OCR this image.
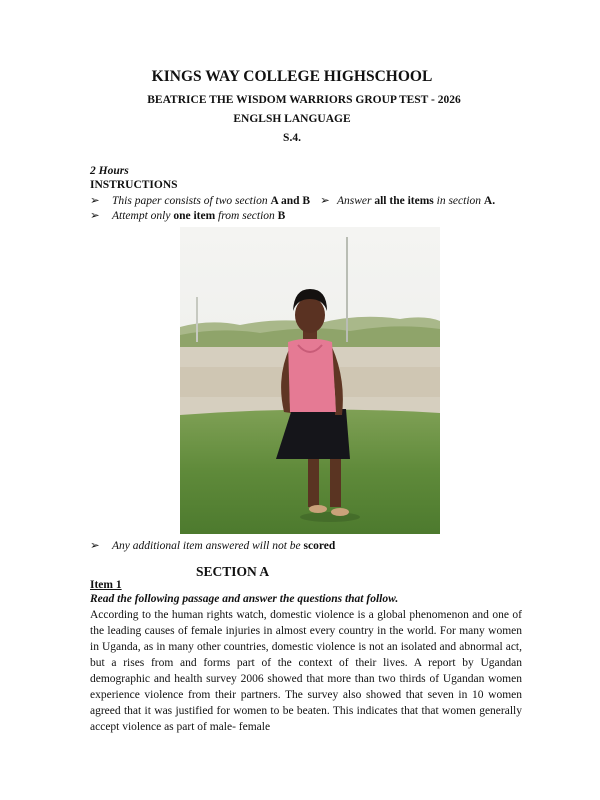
KINGS WAY COLLEGE HIGHSCHOOL
BEATRICE THE WISDOM WARRIORS GROUP TEST - 2026
ENGLSH LANGUAGE
S.4.
2 Hours
INSTRUCTIONS
➢ This paper consists of two section A and B ➢ Answer all the items in section A.
➢ Attempt only one item from section B
➢ Any additional item answered will not be scored
SECTION A
Item 1
Read the following passage and answer the questions that follow.
According to the human rights watch, domestic violence is a global phenomenon and one of the leading causes of female injuries in almost every country in the world. For many women in Uganda, as in many other countries, domestic violence is not an isolated and abnormal act, but a rises from and forms part of the context of their lives. A report by Ugandan demographic and health survey 2006 showed that more than two thirds of Ugandan women experience violence from their partners. The survey also showed that seven in 10 women agreed that it was justified for women to be beaten. This indicates that that women generally accept violence as part of male- female
